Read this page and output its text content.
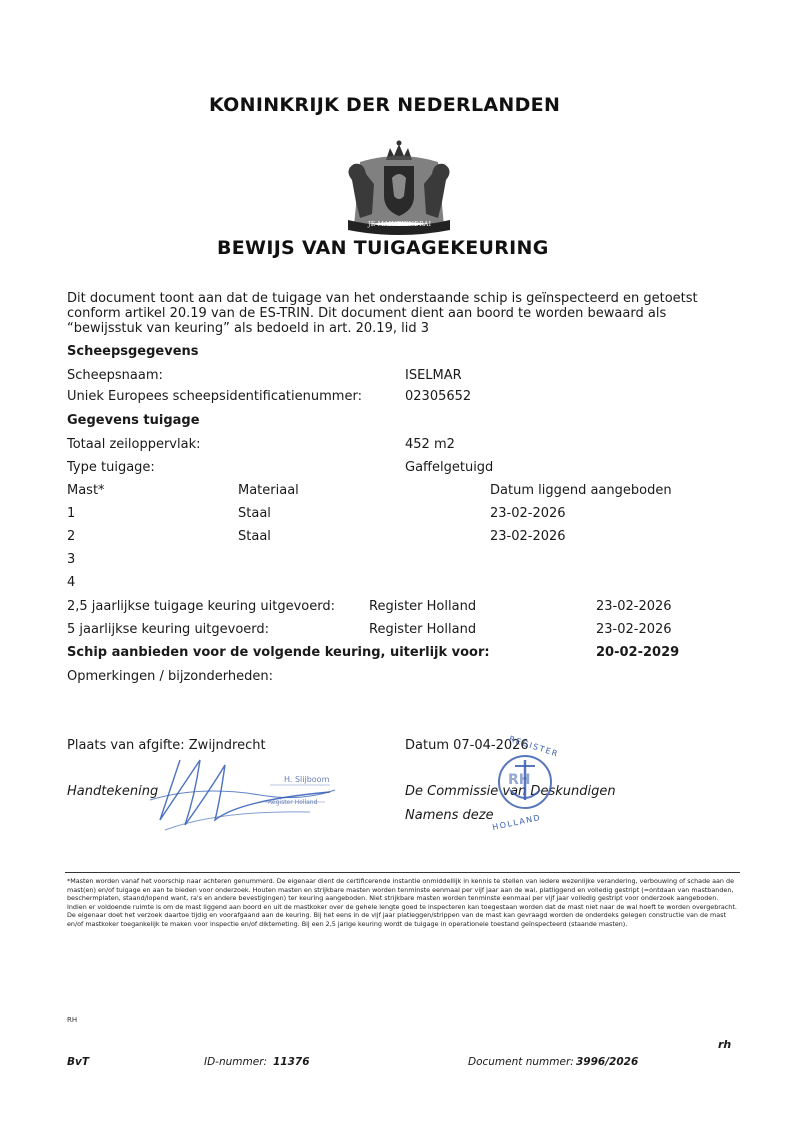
KONINKRIJK DER NEDERLANDEN
JE MAINTIENDRAI
BEWIJS VAN TUIGAGEKEURING
Dit document toont aan dat de tuigage van het onderstaande schip is geïnspecteerd en getoetst conform artikel 20.19 van de ES-TRIN. Dit document dient aan boord te worden bewaard als “bewijsstuk van keuring” als bedoeld in art. 20.19, lid 3
Scheepsgegevens
Scheepsnaam:	ISELMAR
Uniek Europees scheepsidentificatienummer:	02305652
Gegevens tuigage
Totaal zeiloppervlak:	452 m2
Type tuigage:	Gaffelgetuigd
Mast*	Materiaal	Datum liggend aangeboden
1	Staal	23-02-2026
2	Staal	23-02-2026
3
4
2,5 jaarlijkse tuigage keuring uitgevoerd:	Register Holland	23-02-2026
5 jaarlijkse keuring uitgevoerd:	Register Holland	23-02-2026
Schip aanbieden voor de volgende keuring, uiterlijk voor:	20-02-2029
Opmerkingen / bijzonderheden:
Plaats van afgifte: Zwijndrecht	Datum 07-04-2026
Handtekening
H. Slijboom
Register Holland
De Commissie van Deskundigen
Namens deze
RH
REGISTER
HOLLAND
*Masten worden vanaf het voorschip naar achteren genummerd. De eigenaar dient de certificerende instantie onmiddellijk in kennis te stellen van iedere wezenlijke verandering, verbouwing of schade aan de mast(en) en/of tuigage en aan te bieden voor onderzoek. Houten masten en strijkbare masten worden tenminste eenmaal per vijf jaar aan de wal, platliggend en volledig gestript (=ontdaan van mastbanden, beschermplaten, staand/lopend want, ra's en andere bevestigingen) ter keuring aangeboden. Niet strijkbare masten worden tenminste eenmaal per vijf jaar volledig gestript voor onderzoek aangeboden. Indien er voldoende ruimte is om de mast liggend aan boord en uit de mastkoker over de gehele lengte goed te inspecteren kan toegestaan worden dat de mast niet naar de wal hoeft te worden overgebracht. De eigenaar doet het verzoek daartoe tijdig en voorafgaand aan de keuring. Bij het eens in de vijf jaar platleggen/strippen van de mast kan gevraagd worden de onderdeks gelegen constructie van de mast en/of mastkoker toegankelijk te maken voor inspectie en/of diktemeting. Bij een 2,5 jarige keuring wordt de tuigage in operationele toestand geïnspecteerd (staande masten).
RH
rh
BvT	ID-nummer: 11376	Document nummer: 3996/2026
